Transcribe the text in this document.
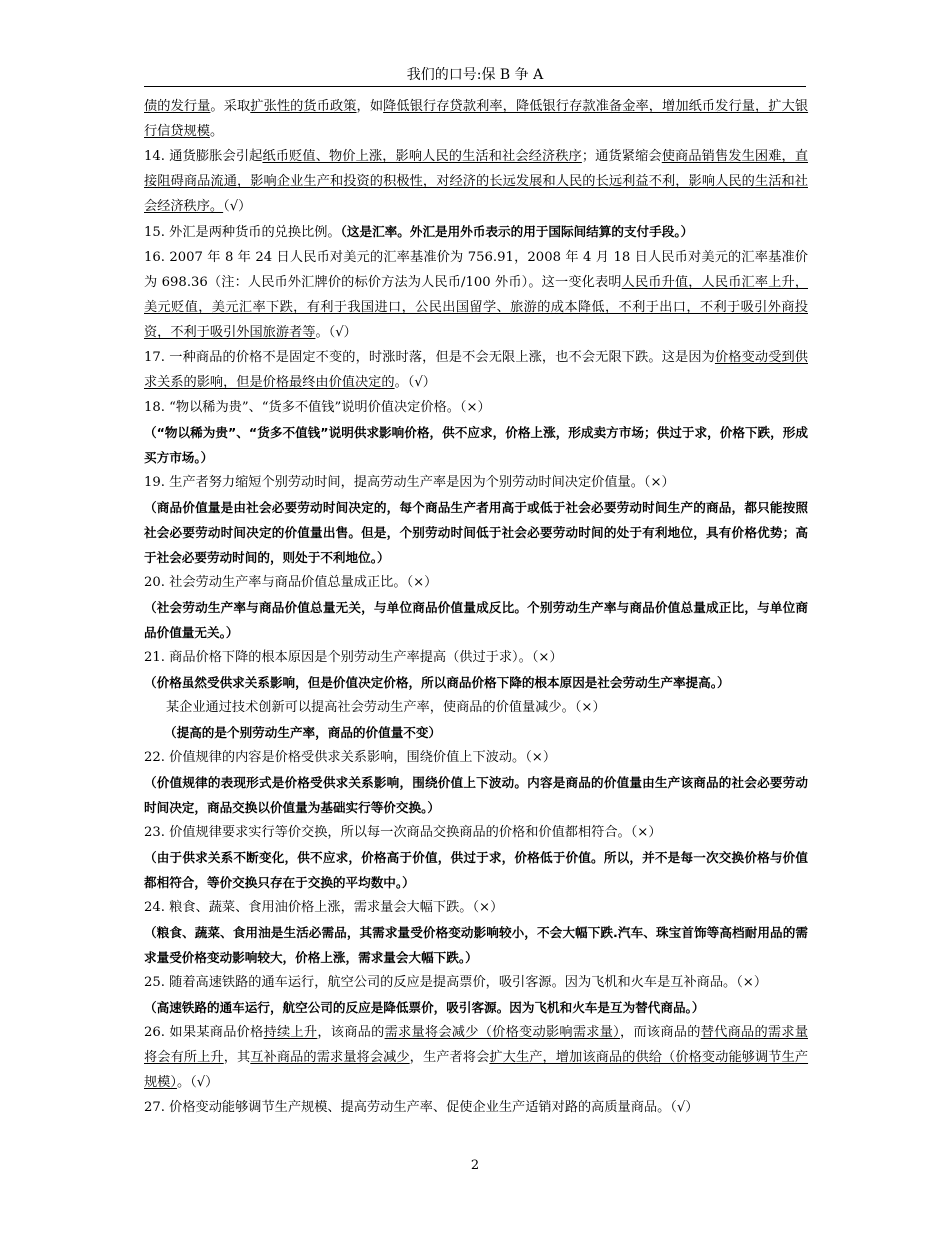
我们的口号:保 B 争 A

债的发行量。采取扩张性的货币政策，如降低银行存贷款利率，降低银行存款准备金率，增加纸币发行量，扩大银行信贷规模。

14. 通货膨胀会引起纸币贬值、物价上涨，影响人民的生活和社会经济秩序；通货紧缩会使商品销售发生困难，直接阻碍商品流通，影响企业生产和投资的积极性，对经济的长远发展和人民的长远利益不利，影响人民的生活和社会经济秩序。（√）

15. 外汇是两种货币的兑换比例。（这是汇率。外汇是用外币表示的用于国际间结算的支付手段。）

16. 2007 年 8 年 24 日人民币对美元的汇率基准价为 756.91，2008 年 4 月 18 日人民币对美元的汇率基准价为 698.36（注：人民币外汇牌价的标价方法为人民币/100 外币）。这一变化表明人民币升值，人民币汇率上升，美元贬值，美元汇率下跌，有利于我国进口，公民出国留学、旅游的成本降低，不利于出口，不利于吸引外商投资，不利于吸引外国旅游者等。（√）

17. 一种商品的价格不是固定不变的，时涨时落，但是不会无限上涨，也不会无限下跌。这是因为价格变动受到供求关系的影响，但是价格最终由价值决定的。（√）

18. “物以稀为贵”、“货多不值钱”说明价值决定价格。（×）

（“物以稀为贵”、“货多不值钱”说明供求影响价格，供不应求，价格上涨，形成卖方市场；供过于求，价格下跌，形成买方市场。）

19. 生产者努力缩短个别劳动时间，提高劳动生产率是因为个别劳动时间决定价值量。（×）

（商品价值量是由社会必要劳动时间决定的，每个商品生产者用高于或低于社会必要劳动时间生产的商品，都只能按照社会必要劳动时间决定的价值量出售。但是，个别劳动时间低于社会必要劳动时间的处于有利地位，具有价格优势；高于社会必要劳动时间的，则处于不利地位。）

20. 社会劳动生产率与商品价值总量成正比。（×）

（社会劳动生产率与商品价值总量无关，与单位商品价值量成反比。个别劳动生产率与商品价值总量成正比，与单位商品价值量无关。）

21. 商品价格下降的根本原因是个别劳动生产率提高（供过于求）。（×）

（价格虽然受供求关系影响，但是价值决定价格，所以商品价格下降的根本原因是社会劳动生产率提高。）

某企业通过技术创新可以提高社会劳动生产率，使商品的价值量减少。（×）

（提高的是个别劳动生产率，商品的价值量不变）

22. 价值规律的内容是价格受供求关系影响，围绕价值上下波动。（×）

（价值规律的表现形式是价格受供求关系影响，围绕价值上下波动。内容是商品的价值量由生产该商品的社会必要劳动时间决定，商品交换以价值量为基础实行等价交换。）

23. 价值规律要求实行等价交换，所以每一次商品交换商品的价格和价值都相符合。（×）

（由于供求关系不断变化，供不应求，价格高于价值，供过于求，价格低于价值。所以，并不是每一次交换价格与价值都相符合，等价交换只存在于交换的平均数中。）

24. 粮食、蔬菜、食用油价格上涨，需求量会大幅下跌。（×）

（粮食、蔬菜、食用油是生活必需品，其需求量受价格变动影响较小，不会大幅下跌.汽车、珠宝首饰等高档耐用品的需求量受价格变动影响较大，价格上涨，需求量会大幅下跌。）

25. 随着高速铁路的通车运行，航空公司的反应是提高票价，吸引客源。因为飞机和火车是互补商品。（×）

（高速铁路的通车运行，航空公司的反应是降低票价，吸引客源。因为飞机和火车是互为替代商品。）

26. 如果某商品价格持续上升，该商品的需求量将会减少（价格变动影响需求量），而该商品的替代商品的需求量将会有所上升，其互补商品的需求量将会减少，生产者将会扩大生产，增加该商品的供给（价格变动能够调节生产规模）。（√）

27. 价格变动能够调节生产规模、提高劳动生产率、促使企业生产适销对路的高质量商品。（√）

2
